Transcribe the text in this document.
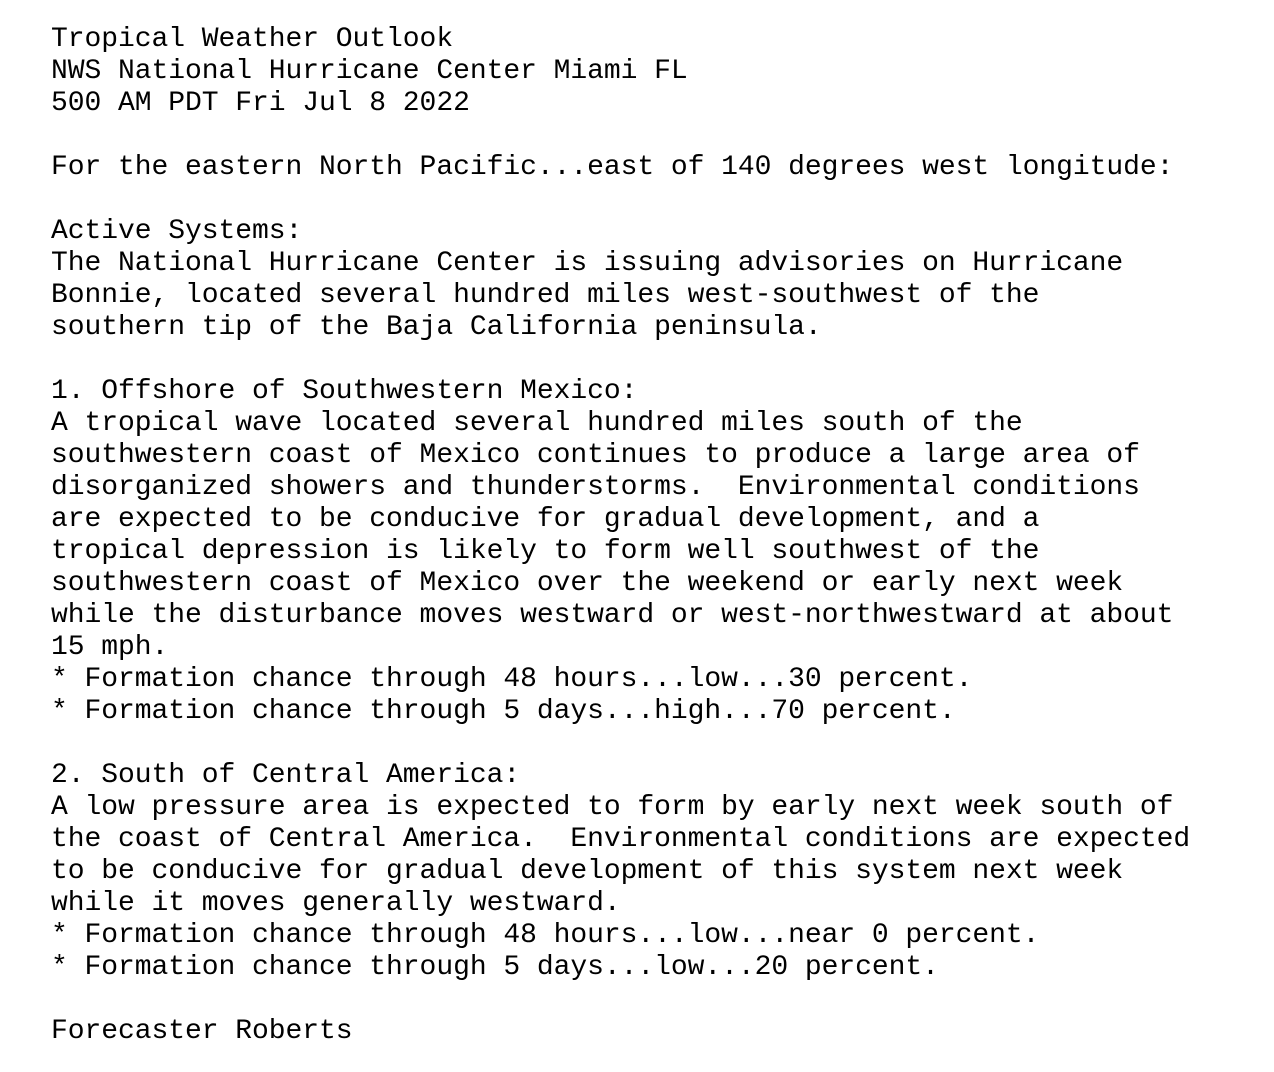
Tropical Weather Outlook
NWS National Hurricane Center Miami FL
500 AM PDT Fri Jul 8 2022
For the eastern North Pacific...east of 140 degrees west longitude:
Active Systems:
The National Hurricane Center is issuing advisories on Hurricane
Bonnie, located several hundred miles west-southwest of the
southern tip of the Baja California peninsula.
1. Offshore of Southwestern Mexico:
A tropical wave located several hundred miles south of the
southwestern coast of Mexico continues to produce a large area of
disorganized showers and thunderstorms.  Environmental conditions
are expected to be conducive for gradual development, and a
tropical depression is likely to form well southwest of the
southwestern coast of Mexico over the weekend or early next week
while the disturbance moves westward or west-northwestward at about
15 mph.
* Formation chance through 48 hours...low...30 percent.
* Formation chance through 5 days...high...70 percent.
2. South of Central America:
A low pressure area is expected to form by early next week south of
the coast of Central America.  Environmental conditions are expected
to be conducive for gradual development of this system next week
while it moves generally westward.
* Formation chance through 48 hours...low...near 0 percent.
* Formation chance through 5 days...low...20 percent.
Forecaster Roberts
